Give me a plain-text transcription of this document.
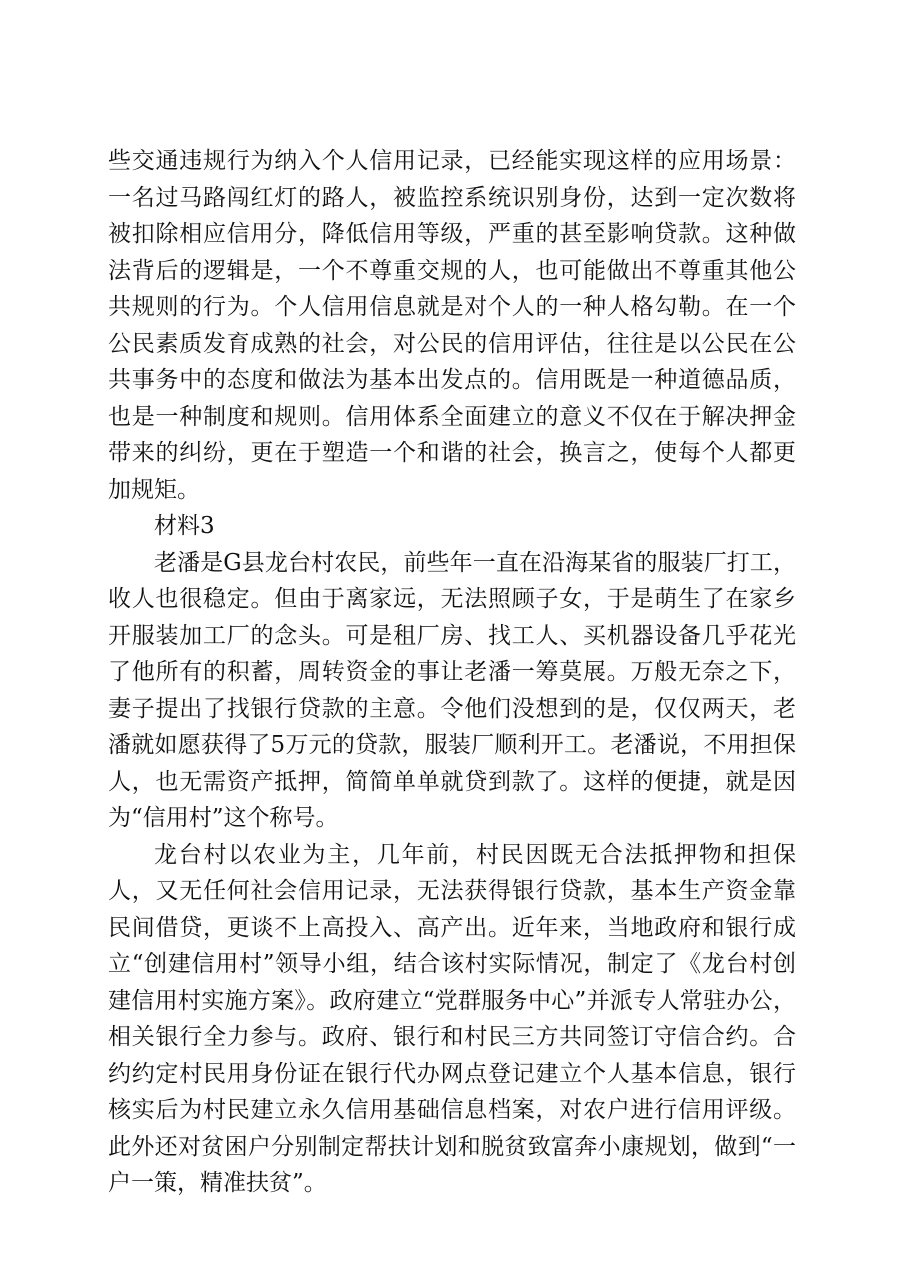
些交通违规行为纳入个人信用记录，已经能实现这样的应用场景：一名过马路闯红灯的路人，被监控系统识别身份，达到一定次数将被扣除相应信用分，降低信用等级，严重的甚至影响贷款。这种做法背后的逻辑是，一个不尊重交规的人，也可能做出不尊重其他公共规则的行为。个人信用信息就是对个人的一种人格勾勒。在一个公民素质发育成熟的社会，对公民的信用评估，往往是以公民在公共事务中的态度和做法为基本出发点的。信用既是一种道德品质，也是一种制度和规则。信用体系全面建立的意义不仅在于解决押金带来的纠纷，更在于塑造一个和谐的社会，换言之，使每个人都更加规矩。

材料3

老潘是G县龙台村农民，前些年一直在沿海某省的服装厂打工，收人也很稳定。但由于离家远，无法照顾子女，于是萌生了在家乡开服装加工厂的念头。可是租厂房、找工人、买机器设备几乎花光了他所有的积蓄，周转资金的事让老潘一筹莫展。万般无奈之下，妻子提出了找银行贷款的主意。令他们没想到的是，仅仅两天，老潘就如愿获得了5万元的贷款，服装厂顺利开工。老潘说，不用担保人，也无需资产抵押，简简单单就贷到款了。这样的便捷，就是因为“信用村”这个称号。

龙台村以农业为主，几年前，村民因既无合法抵押物和担保人，又无任何社会信用记录，无法获得银行贷款，基本生产资金靠民间借贷，更谈不上高投入、高产出。近年来，当地政府和银行成立“创建信用村”领导小组，结合该村实际情况，制定了《龙台村创建信用村实施方案》。政府建立“党群服务中心”并派专人常驻办公，相关银行全力参与。政府、银行和村民三方共同签订守信合约。合约约定村民用身份证在银行代办网点登记建立个人基本信息，银行核实后为村民建立永久信用基础信息档案，对农户进行信用评级。此外还对贫困户分别制定帮扶计划和脱贫致富奔小康规划，做到“一户一策，精准扶贫”。
